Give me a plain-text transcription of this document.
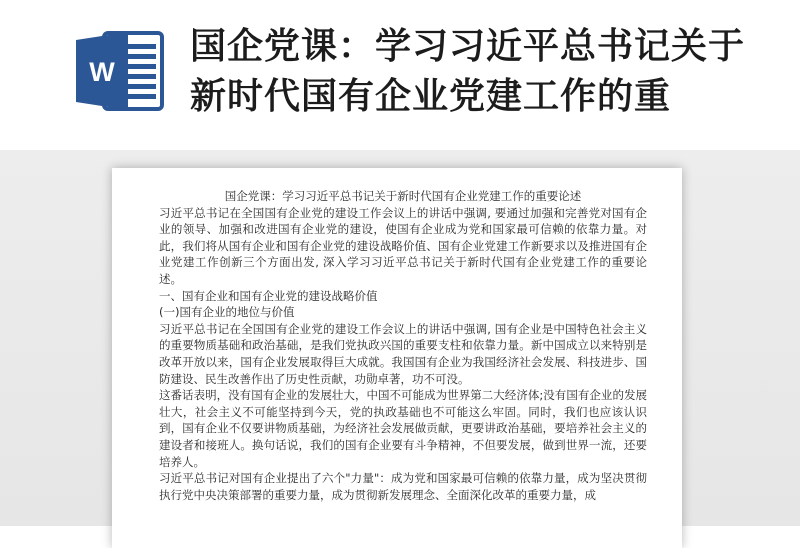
W
国企党课：学习习近平总书记关于新时代国有企业党建工作的重

国企党课：学习习近平总书记关于新时代国有企业党建工作的重要论述

习近平总书记在全国国有企业党的建设工作会议上的讲话中强调, 要通过加强和完善党对国有企业的领导、加强和改进国有企业党的建设，使国有企业成为党和国家最可信赖的依靠力量。对此，我们将从国有企业和国有企业党的建设战略价值、国有企业党建工作新要求以及推进国有企业党建工作创新三个方面出发, 深入学习习近平总书记关于新时代国有企业党建工作的重要论述。

一、国有企业和国有企业党的建设战略价值

(一)国有企业的地位与价值

习近平总书记在全国国有企业党的建设工作会议上的讲话中强调, 国有企业是中国特色社会主义的重要物质基础和政治基础，是我们党执政兴国的重要支柱和依靠力量。新中国成立以来特别是改革开放以来，国有企业发展取得巨大成就。我国国有企业为我国经济社会发展、科技进步、国防建设、民生改善作出了历史性贡献，功勋卓著，功不可没。

这番话表明，没有国有企业的发展壮大，中国不可能成为世界第二大经济体;没有国有企业的发展壮大，社会主义不可能坚持到今天，党的执政基础也不可能这么牢固。同时，我们也应该认识到，国有企业不仅要讲物质基础，为经济社会发展做贡献，更要讲政治基础，要培养社会主义的建设者和接班人。换句话说，我们的国有企业要有斗争精神，不但要发展，做到世界一流，还要培养人。

习近平总书记对国有企业提出了六个"力量"：成为党和国家最可信赖的依靠力量，成为坚决贯彻执行党中央决策部署的重要力量，成为贯彻新发展理念、全面深化改革的重要力量，成
